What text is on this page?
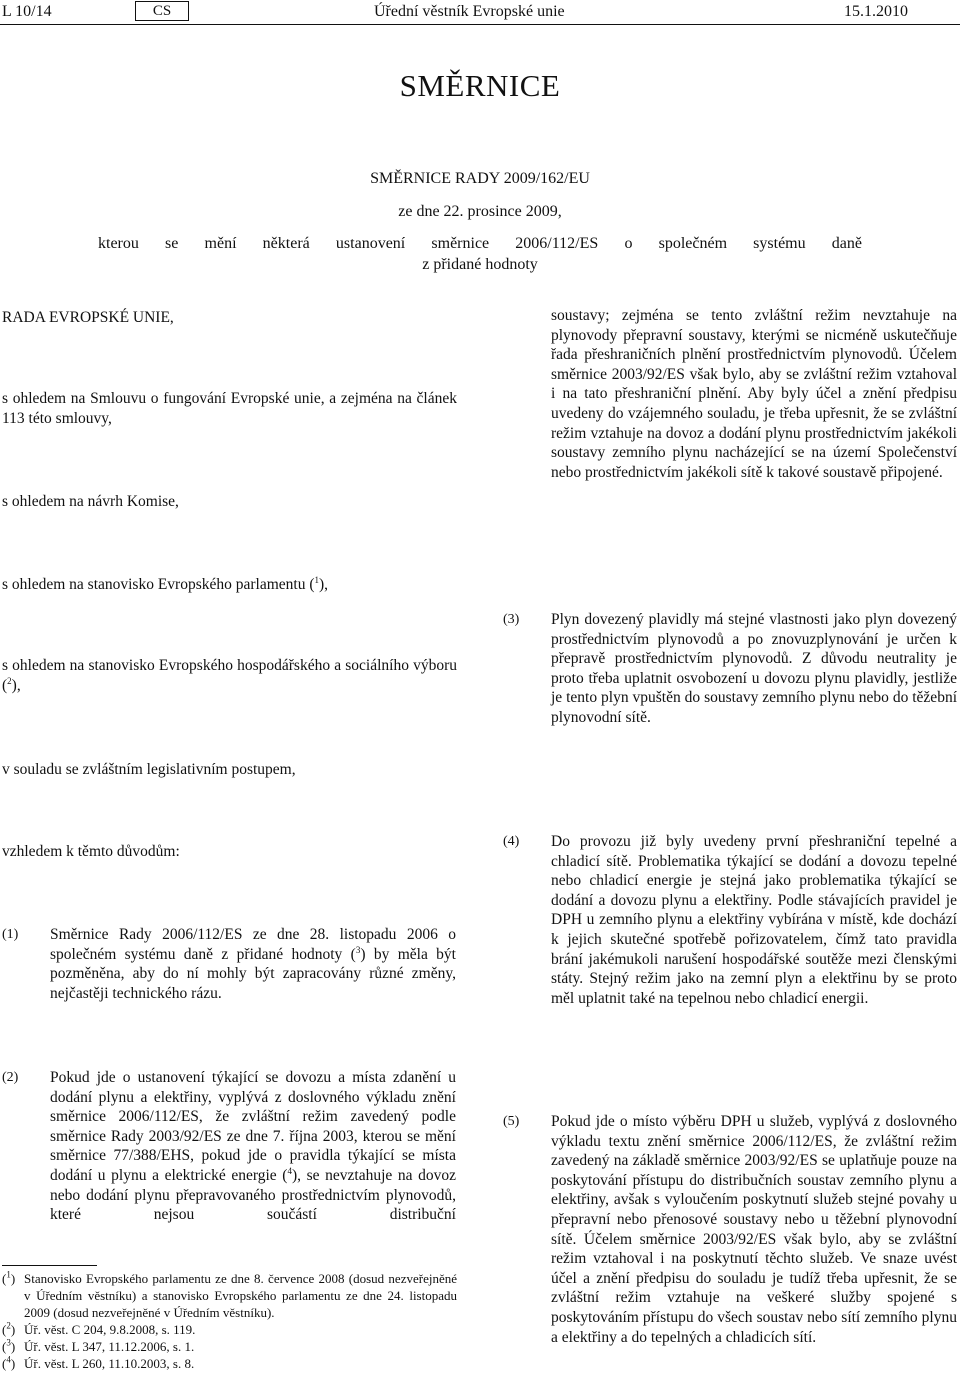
L 10/14	CS	Úřední věstník Evropské unie	15.1.2010
SMĚRNICE
SMĚRNICE RADY 2009/162/EU
ze dne 22. prosince 2009,
kterou se mění některá ustanovení směrnice 2006/112/ES o společném systému daně
z přidané hodnoty
RADA EVROPSKÉ UNIE,
s ohledem na Smlouvu o fungování Evropské unie, a zejména na článek 113 této smlouvy,
s ohledem na návrh Komise,
s ohledem na stanovisko Evropského parlamentu ($^1$),
s ohledem na stanovisko Evropského hospodářského a sociálního výboru ($^2$),
v souladu se zvláštním legislativním postupem,
vzhledem k těmto důvodům:
(1) Směrnice Rady 2006/112/ES ze dne 28. listopadu 2006 o společném systému daně z přidané hodnoty ($^3$) by měla být pozměněna, aby do ní mohly být zapracovány různé změny, nejčastěji technického rázu.
(2) Pokud jde o ustanovení týkající se dovozu a místa zdanění u dodání plynu a elektřiny, vyplývá z doslovného výkladu znění směrnice 2006/112/ES, že zvláštní režim zavedený podle směrnice Rady 2003/92/ES ze dne 7. října 2003, kterou se mění směrnice 77/388/EHS, pokud jde o pravidla týkající se místa dodání u plynu a elektrické energie ($^4$), se nevztahuje na dovoz nebo dodání plynu přepravovaného prostřednictvím plynovodů, které nejsou součástí distribuční
($^1$) Stanovisko Evropského parlamentu ze dne 8. července 2008 (dosud nezveřejněné v Úředním věstníku) a stanovisko Evropského parlamentu ze dne 24. listopadu 2009 (dosud nezveřejněné v Úředním věstníku).
($^2$) Úř. věst. C 204, 9.8.2008, s. 119.
($^3$) Úř. věst. L 347, 11.12.2006, s. 1.
($^4$) Úř. věst. L 260, 11.10.2003, s. 8.
soustavy; zejména se tento zvláštní režim nevztahuje na plynovody přepravní soustavy, kterými se nicméně uskutečňuje řada přeshraničních plnění prostřednictvím plynovodů. Účelem směrnice 2003/92/ES však bylo, aby se zvláštní režim vztahoval i na tato přeshraniční plnění. Aby byly účel a znění předpisu uvedeny do vzájemného souladu, je třeba upřesnit, že se zvláštní režim vztahuje na dovoz a dodání plynu prostřednictvím jakékoli soustavy zemního plynu nacházející se na území Společenství nebo prostřednictvím jakékoli sítě k takové soustavě připojené.
(3) Plyn dovezený plavidly má stejné vlastnosti jako plyn dovezený prostřednictvím plynovodů a po znovuzplynování je určen k přepravě prostřednictvím plynovodů. Z důvodu neutrality je proto třeba uplatnit osvobození u dovozu plynu plavidly, jestliže je tento plyn vpuštěn do soustavy zemního plynu nebo do těžební plynovodní sítě.
(4) Do provozu již byly uvedeny první přeshraniční tepelné a chladicí sítě. Problematika týkající se dodání a dovozu tepelné nebo chladicí energie je stejná jako problematika týkající se dodání a dovozu plynu a elektřiny. Podle stávajících pravidel je DPH u zemního plynu a elektřiny vybírána v místě, kde dochází k jejich skutečné spotřebě pořizovatelem, čímž tato pravidla brání jakémukoli narušení hospodářské soutěže mezi členskými státy. Stejný režim jako na zemní plyn a elektřinu by se proto měl uplatnit také na tepelnou nebo chladicí energii.
(5) Pokud jde o místo výběru DPH u služeb, vyplývá z doslovného výkladu textu znění směrnice 2006/112/ES, že zvláštní režim zavedený na základě směrnice 2003/92/ES se uplatňuje pouze na poskytování přístupu do distribučních soustav zemního plynu a elektřiny, avšak s vyloučením poskytnutí služeb stejné povahy u přepravní nebo přenosové soustavy nebo u těžební plynovodní sítě. Účelem směrnice 2003/92/ES však bylo, aby se zvláštní režim vztahoval i na poskytnutí těchto služeb. Ve snaze uvést účel a znění předpisu do souladu je tudíž třeba upřesnit, že se zvláštní režim vztahuje na veškeré služby spojené s poskytováním přístupu do všech soustav nebo sítí zemního plynu a elektřiny a do tepelných a chladicích sítí.
